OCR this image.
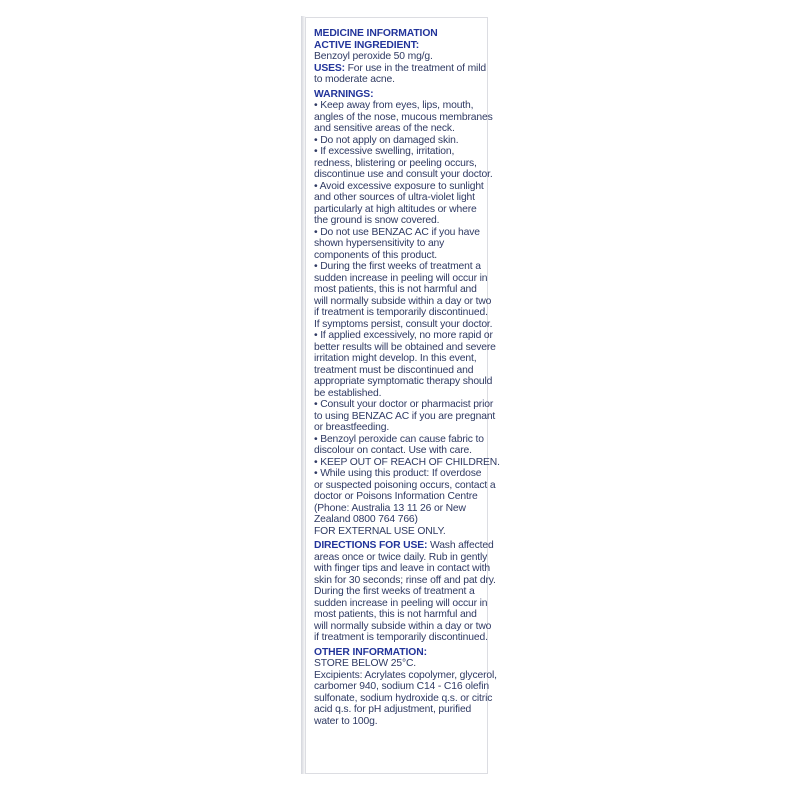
MEDICINE INFORMATION
ACTIVE INGREDIENT:
Benzoyl peroxide 50 mg/g.
USES: For use in the treatment of mild
to moderate acne.
WARNINGS:
• Keep away from eyes, lips, mouth,
angles of the nose, mucous membranes
and sensitive areas of the neck.
• Do not apply on damaged skin.
• If excessive swelling, irritation,
redness, blistering or peeling occurs,
discontinue use and consult your doctor.
• Avoid excessive exposure to sunlight
and other sources of ultra-violet light
particularly at high altitudes or where
the ground is snow covered.
• Do not use BENZAC AC if you have
shown hypersensitivity to any
components of this product.
• During the first weeks of treatment a
sudden increase in peeling will occur in
most patients, this is not harmful and
will normally subside within a day or two
if treatment is temporarily discontinued.
If symptoms persist, consult your doctor.
• If applied excessively, no more rapid or
better results will be obtained and severe
irritation might develop. In this event,
treatment must be discontinued and
appropriate symptomatic therapy should
be established.
• Consult your doctor or pharmacist prior
to using BENZAC AC if you are pregnant
or breastfeeding.
• Benzoyl peroxide can cause fabric to
discolour on contact. Use with care.
• KEEP OUT OF REACH OF CHILDREN.
• While using this product: If overdose
or suspected poisoning occurs, contact a
doctor or Poisons Information Centre
(Phone: Australia 13 11 26 or New
Zealand 0800 764 766)
FOR EXTERNAL USE ONLY.
DIRECTIONS FOR USE: Wash affected
areas once or twice daily. Rub in gently
with finger tips and leave in contact with
skin for 30 seconds; rinse off and pat dry.
During the first weeks of treatment a
sudden increase in peeling will occur in
most patients, this is not harmful and
will normally subside within a day or two
if treatment is temporarily discontinued.
OTHER INFORMATION:
STORE BELOW 25°C.
Excipients: Acrylates copolymer, glycerol,
carbomer 940, sodium C14 - C16 olefin
sulfonate, sodium hydroxide q.s. or citric
acid q.s. for pH adjustment, purified
water to 100g.
